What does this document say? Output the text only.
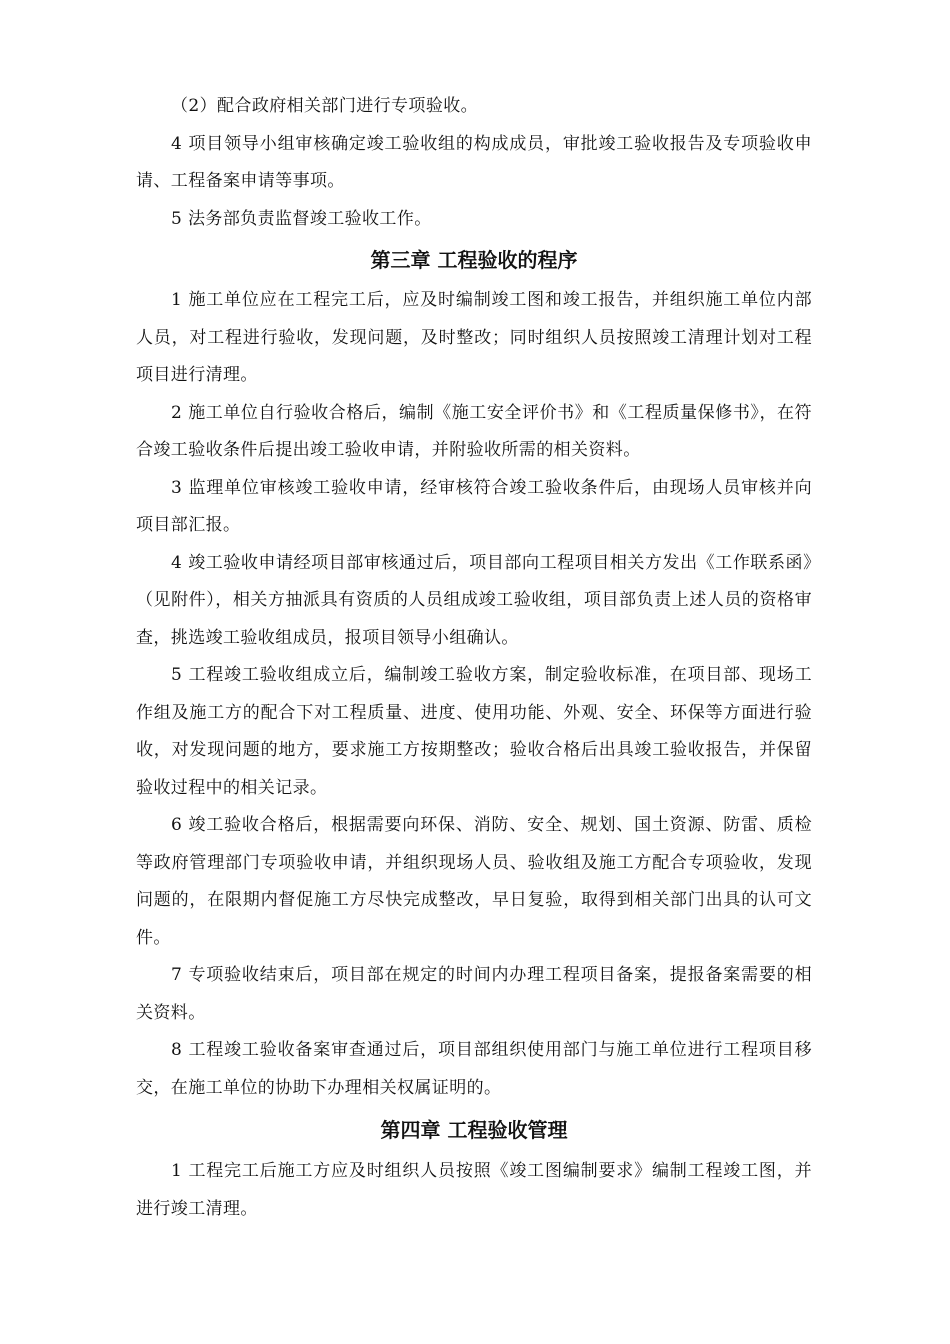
（2）配合政府相关部门进行专项验收。

4 项目领导小组审核确定竣工验收组的构成成员，审批竣工验收报告及专项验收申请、工程备案申请等事项。

5 法务部负责监督竣工验收工作。

第三章 工程验收的程序

1 施工单位应在工程完工后，应及时编制竣工图和竣工报告，并组织施工单位内部人员，对工程进行验收，发现问题，及时整改；同时组织人员按照竣工清理计划对工程项目进行清理。

2 施工单位自行验收合格后，编制《施工安全评价书》和《工程质量保修书》，在符合竣工验收条件后提出竣工验收申请，并附验收所需的相关资料。

3 监理单位审核竣工验收申请，经审核符合竣工验收条件后，由现场人员审核并向项目部汇报。

4 竣工验收申请经项目部审核通过后，项目部向工程项目相关方发出《工作联系函》（见附件），相关方抽派具有资质的人员组成竣工验收组，项目部负责上述人员的资格审查，挑选竣工验收组成员，报项目领导小组确认。

5 工程竣工验收组成立后，编制竣工验收方案，制定验收标准，在项目部、现场工作组及施工方的配合下对工程质量、进度、使用功能、外观、安全、环保等方面进行验收，对发现问题的地方，要求施工方按期整改；验收合格后出具竣工验收报告，并保留验收过程中的相关记录。

6 竣工验收合格后，根据需要向环保、消防、安全、规划、国土资源、防雷、质检等政府管理部门专项验收申请，并组织现场人员、验收组及施工方配合专项验收，发现问题的，在限期内督促施工方尽快完成整改，早日复验，取得到相关部门出具的认可文件。

7 专项验收结束后，项目部在规定的时间内办理工程项目备案，提报备案需要的相关资料。

8 工程竣工验收备案审查通过后，项目部组织使用部门与施工单位进行工程项目移交，在施工单位的协助下办理相关权属证明的。

第四章 工程验收管理

1 工程完工后施工方应及时组织人员按照《竣工图编制要求》编制工程竣工图，并进行竣工清理。
